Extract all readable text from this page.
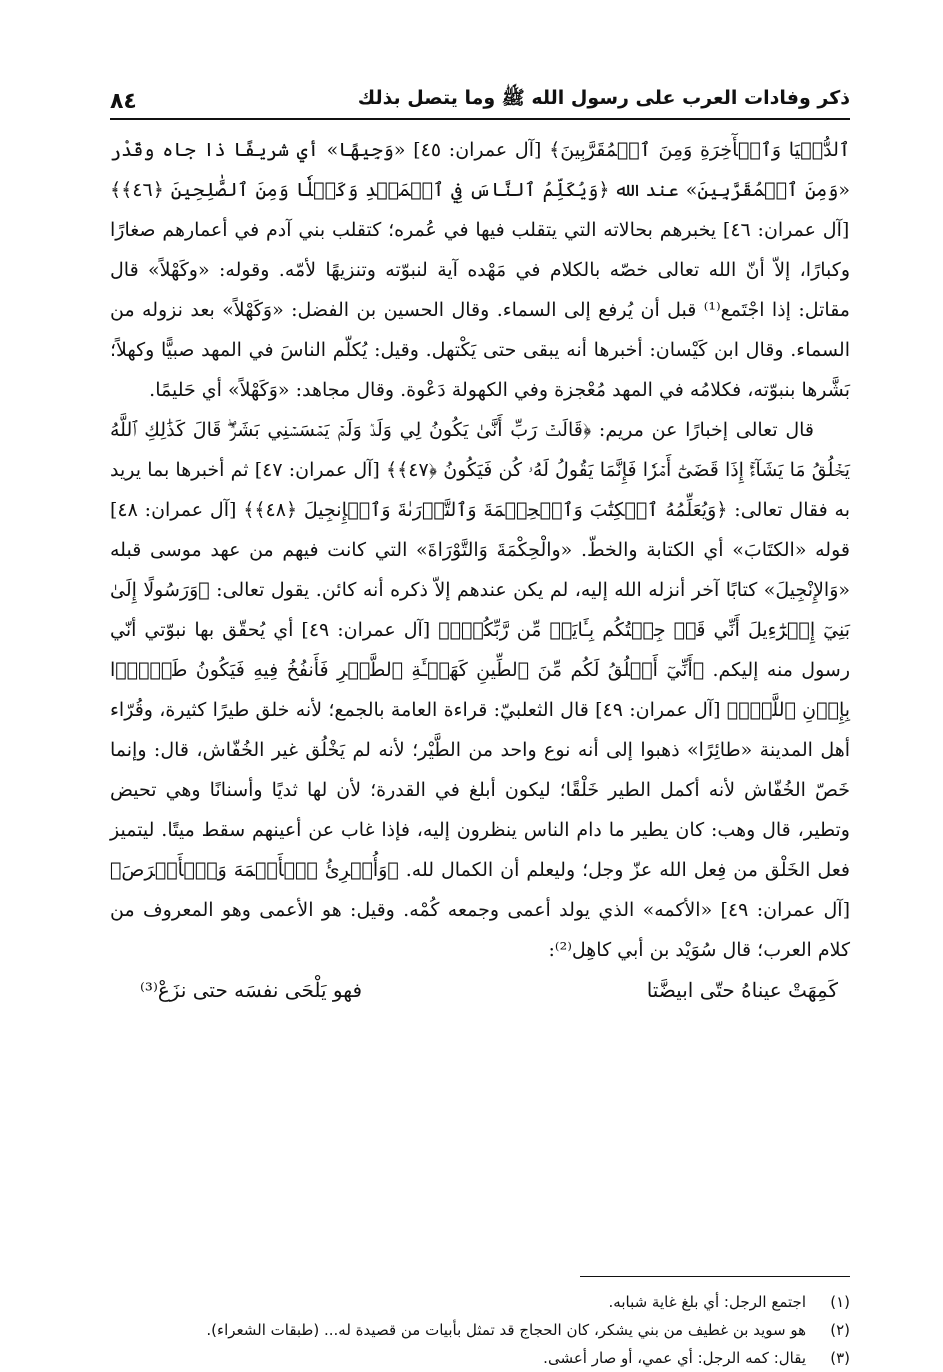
ذكر وفادات العرب على رسول الله ﷺ وما يتصل بذلك
٨٤

ٱلدُّنۡيَا وَٱلۡأٓخِرَةِ وَمِنَ ٱلۡمُقَرَّبِينَ﴾ [آل عمران: ٤٥] «وَجِيهًا» أي شريفًا ذا جاه وقَدْر «وَمِنَ ٱلۡمُقَرَّبِينَ» عند الله ﴿وَيُكَلِّمُ ٱلنَّاسَ فِي ٱلۡمَهۡدِ وَكَهۡلٗا وَمِنَ ٱلصَّٰلِحِينَ ﴿٤٦﴾﴾ [آل عمران: ٤٦] يخبرهم بحالاته التي يتقلب فيها في عُمره؛ كتقلب بني آدم في أعمارهم صغارًا وكبارًا، إلاّ أنّ الله تعالى خصّه بالكلام في مَهْده آية لنبوّته وتنزيهًا لأمّه. وقوله: «وكَهْلاً» قال مقاتل: إذا اجْتَمع⁽¹⁾ قبل أن يُرفع إلى السماء. وقال الحسين بن الفضل: «وَكَهْلاً» بعد نزوله من السماء. وقال ابن كَيْسان: أخبرها أنه يبقى حتى يَكْتهل. وقيل: يُكلّم الناسَ في المهد صبيًّا وكهلاً؛ بَشَّرها بنبوّته، فكلامُه في المهد مُعْجزة وفي الكهولة دَعْوة. وقال مجاهد: «وَكَهْلاً» أي حَليمًا.

قال تعالى إخبارًا عن مريم: ﴿قَالَتۡ رَبِّ أَنَّىٰ يَكُونُ لِي وَلَدٞ وَلَمۡ يَمۡسَسۡنِي بَشَرٞۖ قَالَ كَذَٰلِكِ ٱللَّهُ يَخۡلُقُ مَا يَشَآءُۚ إِذَا قَضَىٰٓ أَمۡرٗا فَإِنَّمَا يَقُولُ لَهُۥ كُن فَيَكُونُ ﴿٤٧﴾﴾ [آل عمران: ٤٧] ثم أخبرها بما يريد به فقال تعالى: ﴿وَيُعَلِّمُهُ ٱلۡكِتَٰبَ وَٱلۡحِكۡمَةَ وَٱلتَّوۡرَىٰةَ وَٱلۡإِنجِيلَ ﴿٤٨﴾﴾ [آل عمران: ٤٨] قوله «الكتَابَ» أي الكتابة والخطّ. «والْحِكْمَةَ وَالتَّوْرَاةَ» التي كانت فيهم من عهد موسى قبله «وَالإِنْجِيلَ» كتابًا آخر أنزله الله إليه، لم يكن عندهم إلاّ ذكره أنه كائن. يقول تعالى: ﴿وَرَسُولًا إِلَىٰ بَنِيٓ إِسۡرَٰٓءِيلَ أَنِّي قَدۡ جِئۡتُكُم بِـَٔايَةٖ مِّن رَّبِّكُمۡۖ﴾ [آل عمران: ٤٩] أي يُحقّق بها نبوّتي أنّي رسول منه إليكم. ﴿أَنِّيٓ أَخۡلُقُ لَكُم مِّنَ ٱلطِّينِ كَهَيۡـَٔةِ ٱلطَّيۡرِ فَأَنفُخُ فِيهِ فَيَكُونُ طَيۡرَۢا بِإِذۡنِ ٱللَّهِۖ﴾ [آل عمران: ٤٩] قال الثعلبيّ: قراءة العامة بالجمع؛ لأنه خلق طيرًا كثيرة، وقُرّاء أهل المدينة «طائِرًا» ذهبوا إلى أنه نوع واحد من الطَّيْر؛ لأنه لم يَخْلُق غير الخُفّاش، قال: وإنما خَصّ الخُفّاش لأنه أكمل الطير خَلْقًا؛ ليكون أبلغ في القدرة؛ لأن لها ثديًا وأسنانًا وهي تحيض وتطير، قال وهب: كان يطير ما دام الناس ينظرون إليه، فإذا غاب عن أعينهم سقط ميتًا. ليتميز فعل الخَلْق من فِعل الله عزّ وجل؛ وليعلم أن الكمال لله. ﴿وَأُبۡرِئُ ٱلۡأَكۡمَهَ وَٱلۡأَبۡرَصَ﴾ [آل عمران: ٤٩] «الأكمه» الذي يولد أعمى وجمعه كُمْه. وقيل: هو الأعمى وهو المعروف من كلام العرب؛ قال سُوَيْد بن أبي كاهِل⁽²⁾:

كَمِهَتْ عيناهُ حتّى ابيضَّتا
فهو يَلْحَى نفسَه حتى نزَعْ⁽³⁾
(١)
اجتمع الرجل: أي بلغ غاية شبابه.
(٢)
هو سويد بن غطيف من بني يشكر، كان الحجاج قد تمثل بأبيات من قصيدة له... (طبقات الشعراء).
(٣)
يقال: كمه الرجل: أي عمي، أو صار أعشى.
